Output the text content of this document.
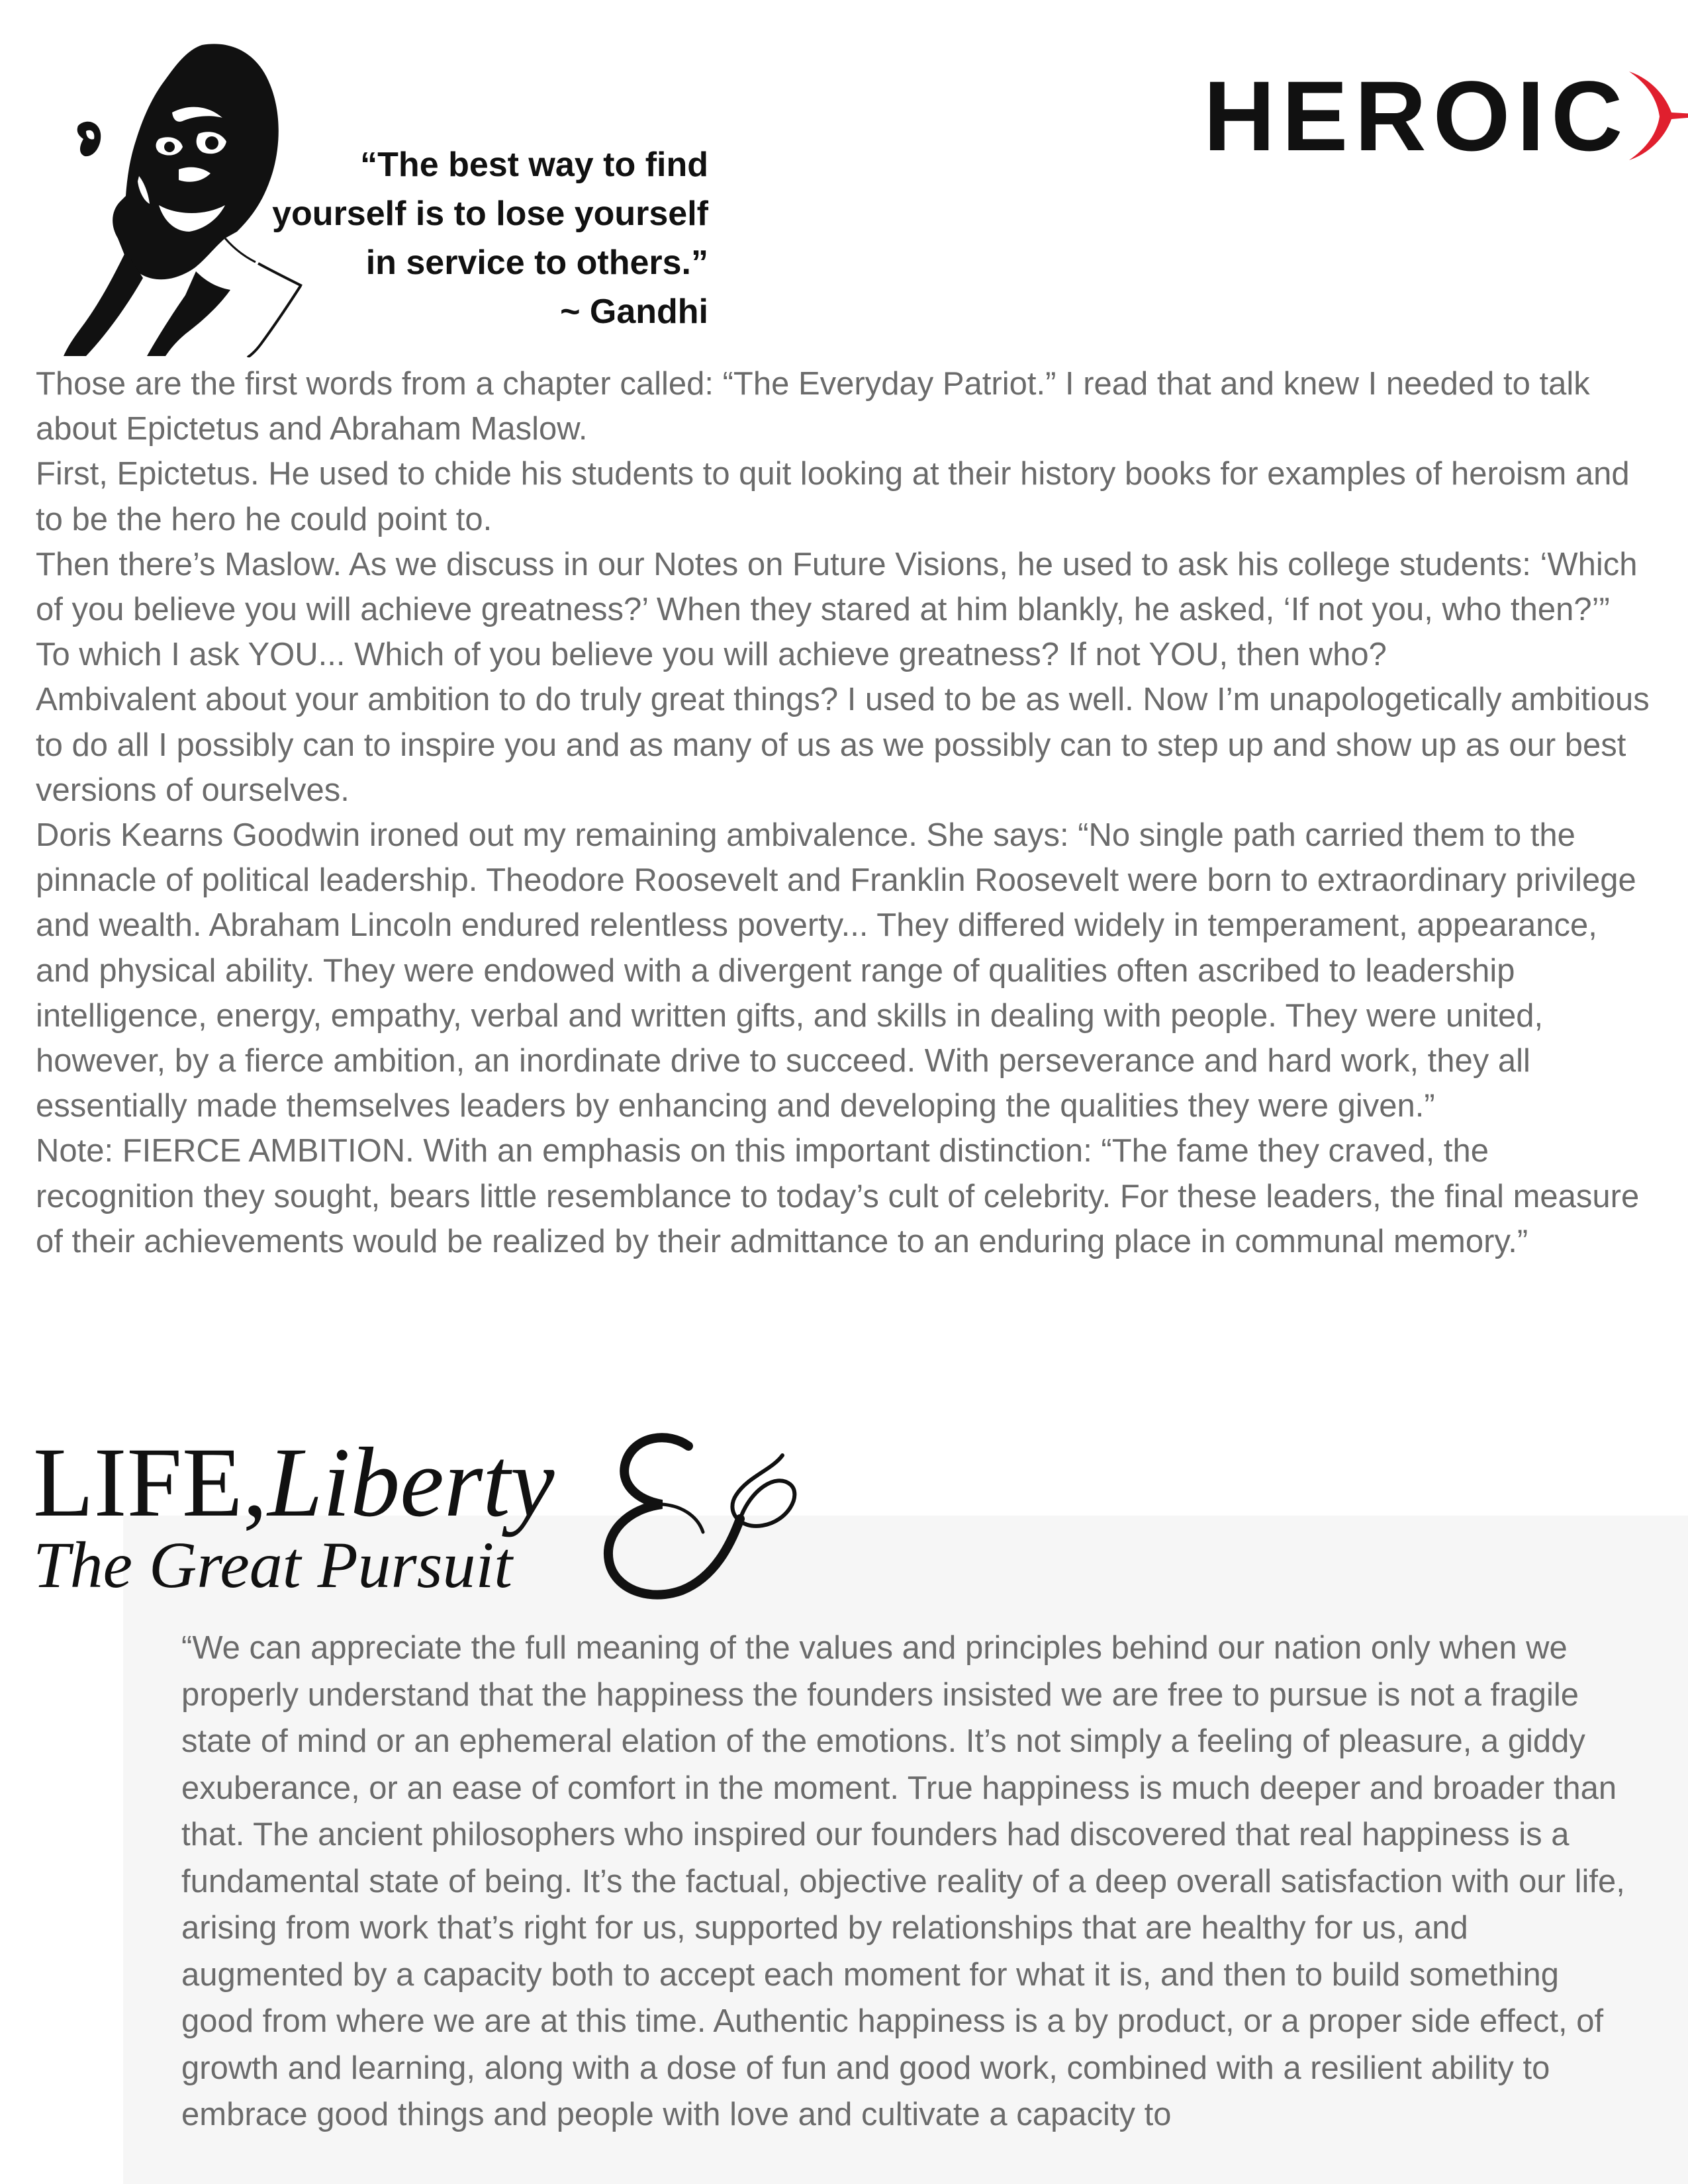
“The best way to find
yourself is to lose yourself
in service to others.”
~ Gandhi
HEROIC

Those are the first words from a chapter called: “The Everyday Patriot.” I read that and knew I needed to talk about Epictetus and Abraham Maslow.

First, Epictetus. He used to chide his students to quit looking at their history books for examples of heroism and to be the hero he could point to.

Then there’s Maslow. As we discuss in our Notes on Future Visions, he used to ask his college students: ‘Which of you believe you will achieve greatness?’ When they stared at him blankly, he asked, ‘If not you, who then?’”

To which I ask YOU... Which of you believe you will achieve greatness? If not YOU, then who?

Ambivalent about your ambition to do truly great things? I used to be as well. Now I’m unapologetically ambitious to do all I possibly can to inspire you and as many of us as we possibly can to step up and show up as our best versions of ourselves.

Doris Kearns Goodwin ironed out my remaining ambivalence. She says: “No single path carried them to the pinnacle of political leadership. Theodore Roosevelt and Franklin Roosevelt were born to extraordinary privilege and wealth. Abraham Lincoln endured relentless poverty... They differed widely in temperament, appearance, and physical ability. They were endowed with a divergent range of qualities often ascribed to leadership intelligence, energy, empathy, verbal and written gifts, and skills in dealing with people. They were united, however, by a fierce ambition, an inordinate drive to succeed. With perseverance and hard work, they all essentially made themselves leaders by enhancing and developing the qualities they were given.”

Note: FIERCE AMBITION. With an emphasis on this important distinction: “The fame they craved, the recognition they sought, bears little resemblance to today’s cult of celebrity. For these leaders, the final measure of their achievements would be realized by their admittance to an enduring place in communal memory.”

LIFE,Liberty
The Great Pursuit

“We can appreciate the full meaning of the values and principles behind our nation only when we properly understand that the happiness the founders insisted we are free to pursue is not a fragile state of mind or an ephemeral elation of the emotions. It’s not simply a feeling of pleasure, a giddy exuberance, or an ease of comfort in the moment. True happiness is much deeper and broader than that. The ancient philosophers who inspired our founders had discovered that real happiness is a fundamental state of being. It’s the factual, objective reality of a deep overall satisfaction with our life, arising from work that’s right for us, supported by relationships that are healthy for us, and augmented by a capacity both to accept each moment for what it is, and then to build something good from where we are at this time. Authentic happiness is a by product, or a proper side effect, of growth and learning, along with a dose of fun and good work, combined with a resilient ability to embrace good things and people with love and cultivate a capacity to
